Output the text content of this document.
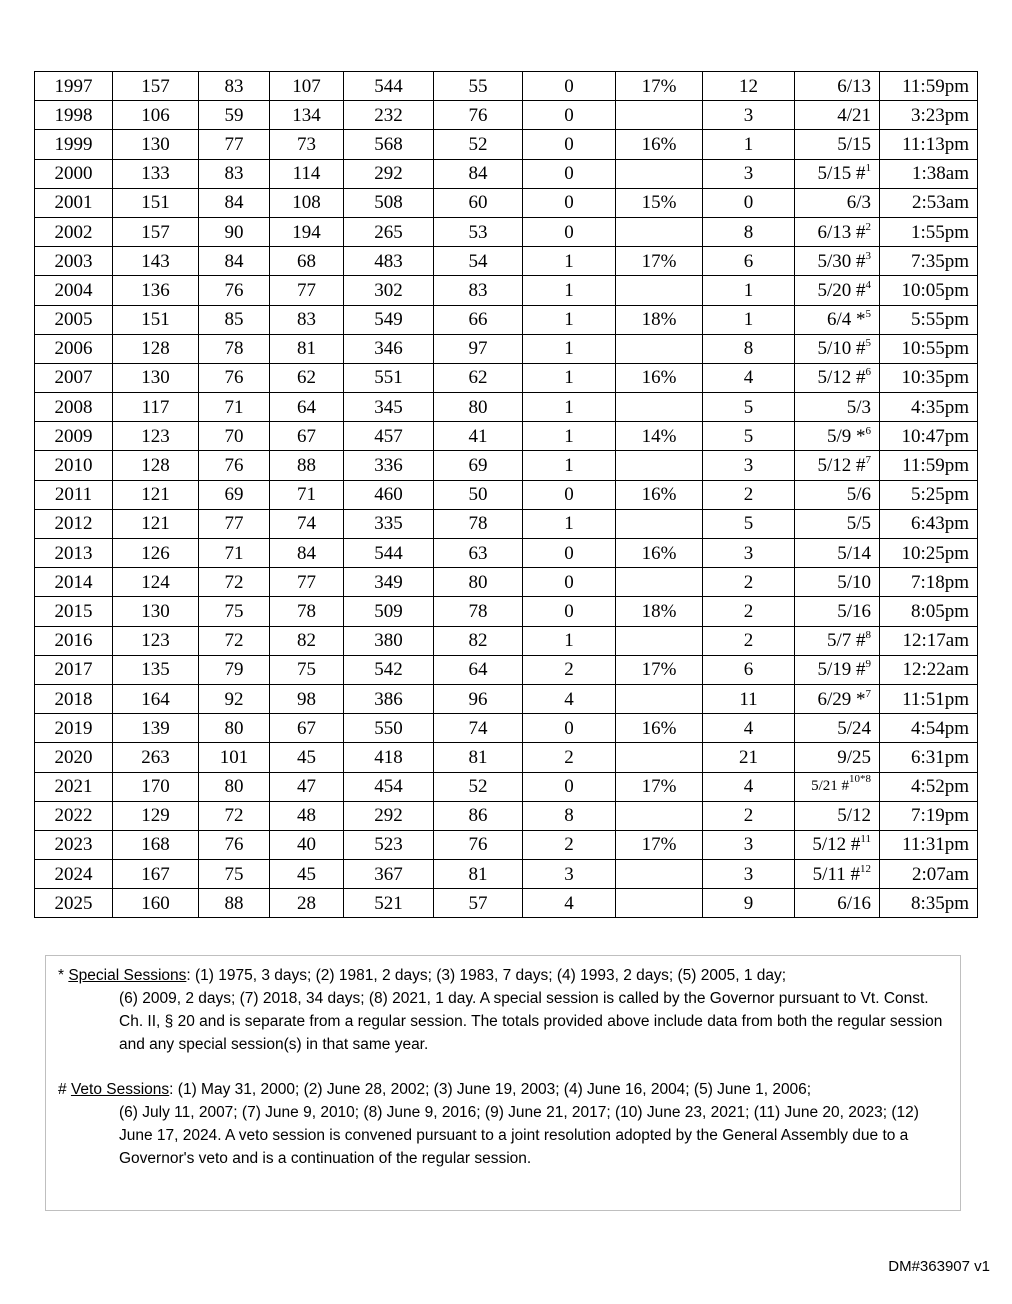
1997	157	83	107	544	55	0	17%	12	6/13	11:59pm
1998	106	59	134	232	76	0		3	4/21	3:23pm
1999	130	77	73	568	52	0	16%	1	5/15	11:13pm
2000	133	83	114	292	84	0		3	5/15 #$^1$	1:38am
2001	151	84	108	508	60	0	15%	0	6/3	2:53am
2002	157	90	194	265	53	0		8	6/13 #$^2$	1:55pm
2003	143	84	68	483	54	1	17%	6	5/30 #$^3$	7:35pm
2004	136	76	77	302	83	1		1	5/20 #$^4$	10:05pm
2005	151	85	83	549	66	1	18%	1	6/4 *$^5$	5:55pm
2006	128	78	81	346	97	1		8	5/10 #$^5$	10:55pm
2007	130	76	62	551	62	1	16%	4	5/12 #$^6$	10:35pm
2008	117	71	64	345	80	1		5	5/3	4:35pm
2009	123	70	67	457	41	1	14%	5	5/9 *$^6$	10:47pm
2010	128	76	88	336	69	1		3	5/12 #$^7$	11:59pm
2011	121	69	71	460	50	0	16%	2	5/6	5:25pm
2012	121	77	74	335	78	1		5	5/5	6:43pm
2013	126	71	84	544	63	0	16%	3	5/14	10:25pm
2014	124	72	77	349	80	0		2	5/10	7:18pm
2015	130	75	78	509	78	0	18%	2	5/16	8:05pm
2016	123	72	82	380	82	1		2	5/7 #$^8$	12:17am
2017	135	79	75	542	64	2	17%	6	5/19 #$^9$	12:22am
2018	164	92	98	386	96	4		11	6/29 *$^7$	11:51pm
2019	139	80	67	550	74	0	16%	4	5/24	4:54pm
2020	263	101	45	418	81	2		21	9/25	6:31pm
2021	170	80	47	454	52	0	17%	4	5/21 #$^{10*8}$	4:52pm
2022	129	72	48	292	86	8		2	5/12	7:19pm
2023	168	76	40	523	76	2	17%	3	5/12 #$^{11}$	11:31pm
2024	167	75	45	367	81	3		3	5/11 #$^{12}$	2:07am
2025	160	88	28	521	57	4		9	6/16	8:35pm

* Special Sessions: (1) 1975, 3 days; (2) 1981, 2 days; (3) 1983, 7 days; (4) 1993, 2 days; (5) 2005, 1 day;

(6) 2009, 2 days; (7) 2018, 34 days; (8) 2021, 1 day. A special session is called by the Governor pursuant to Vt. Const. Ch. II, § 20 and is separate from a regular session. The totals provided above include data from both the regular session and any special session(s) in that same year.

# Veto Sessions: (1) May 31, 2000; (2) June 28, 2002; (3) June 19, 2003; (4) June 16, 2004; (5) June 1, 2006;

(6) July 11, 2007; (7) June 9, 2010; (8) June 9, 2016; (9) June 21, 2017; (10) June 23, 2021; (11) June 20, 2023; (12) June 17, 2024. A veto session is convened pursuant to a joint resolution adopted by the General Assembly due to a Governor's veto and is a continuation of the regular session.

DM#363907 v1
